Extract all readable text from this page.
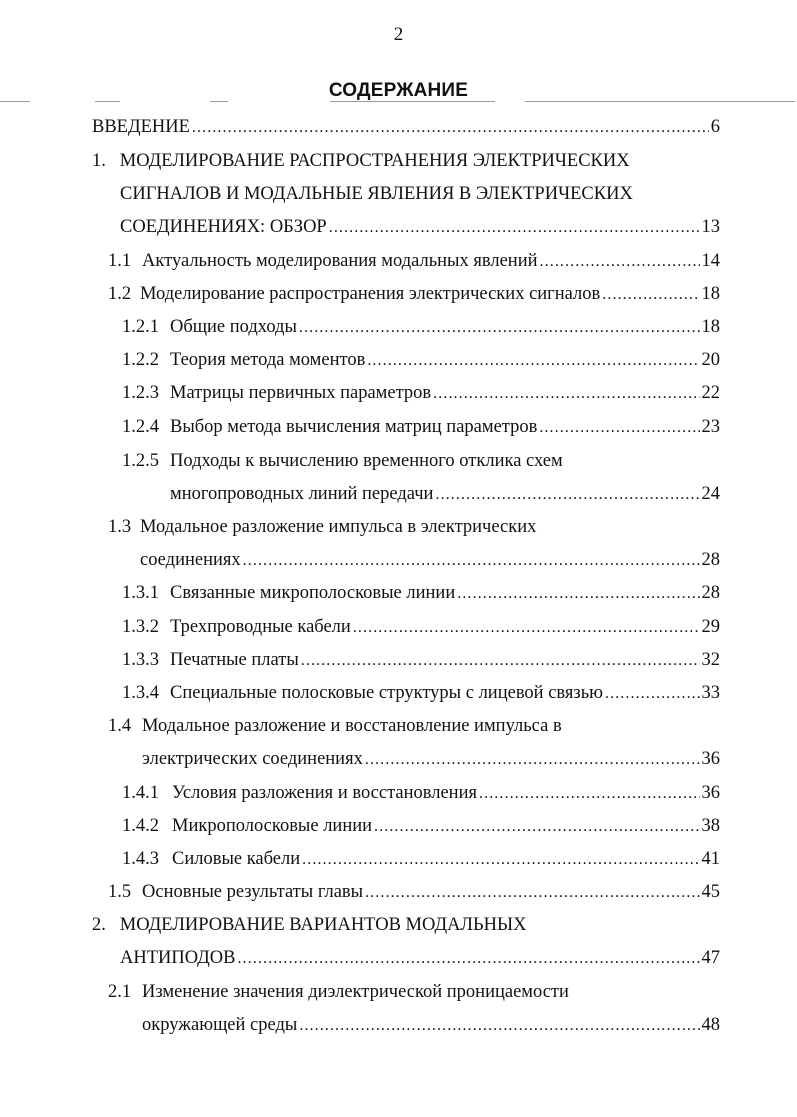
2
СОДЕРЖАНИЕ
ВВЕДЕНИЕ .....	6
1. МОДЕЛИРОВАНИЕ РАСПРОСТРАНЕНИЯ ЭЛЕКТРИЧЕСКИХ
СИГНАЛОВ И МОДАЛЬНЫЕ ЯВЛЕНИЯ В ЭЛЕКТРИЧЕСКИХ
СОЕДИНЕНИЯХ: ОБЗОР .....	13
1.1 Актуальность моделирования модальных явлений .....	14
1.2 Моделирование распространения электрических сигналов .....	18
1.2.1 Общие подходы .....	18
1.2.2 Теория метода моментов .....	20
1.2.3 Матрицы первичных параметров .....	22
1.2.4 Выбор метода вычисления матриц параметров .....	23
1.2.5 Подходы к вычислению временного отклика схем
многопроводных линий передачи .....	24
1.3 Модальное разложение импульса в электрических
соединениях .....	28
1.3.1 Связанные микрополосковые линии .....	28
1.3.2 Трехпроводные кабели .....	29
1.3.3 Печатные платы .....	32
1.3.4 Специальные полосковые структуры с лицевой связью .....	33
1.4 Модальное разложение и восстановление импульса в
электрических соединениях .....	36
1.4.1 Условия разложения и восстановления .....	36
1.4.2 Микрополосковые линии .....	38
1.4.3 Силовые кабели .....	41
1.5 Основные результаты главы .....	45
2. МОДЕЛИРОВАНИЕ ВАРИАНТОВ МОДАЛЬНЫХ
АНТИПОДОВ .....	47
2.1 Изменение значения диэлектрической проницаемости
окружающей среды .....	48
